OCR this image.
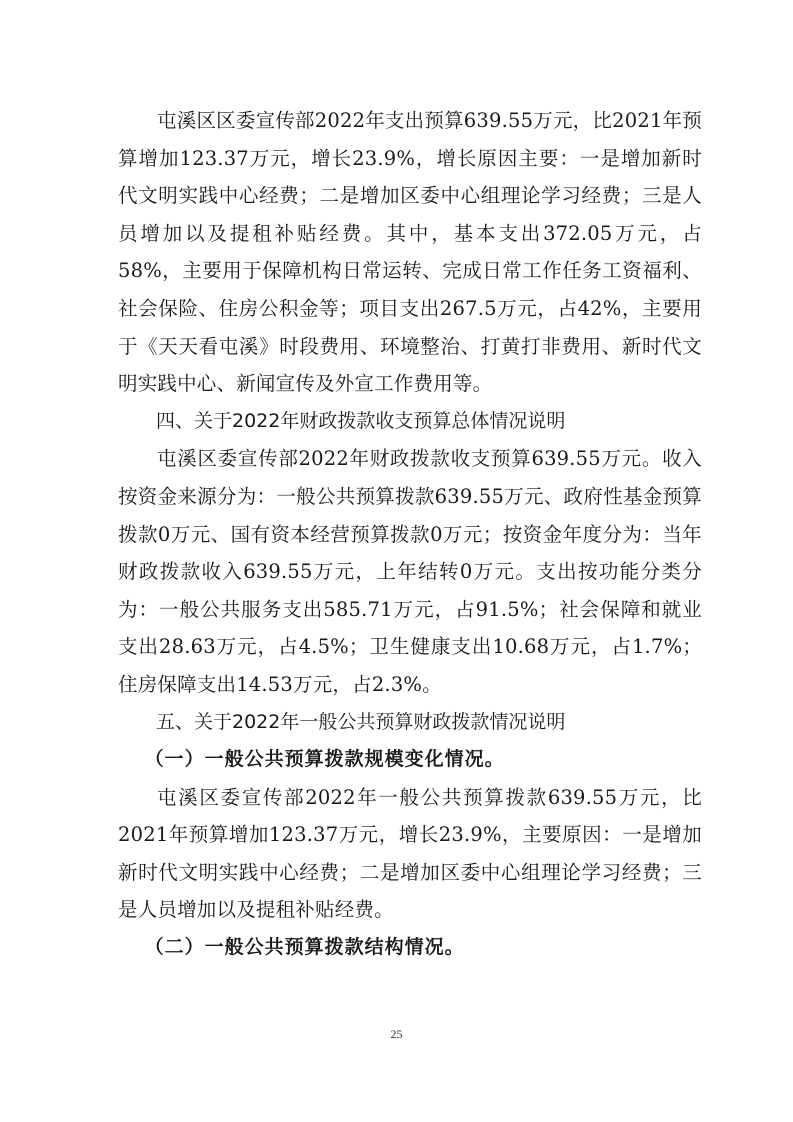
屯溪区区委宣传部2022年支出预算639.55万元，比2021年预算增加123.37万元，增长23.9%，增长原因主要：一是增加新时代文明实践中心经费；二是增加区委中心组理论学习经费；三是人员增加以及提租补贴经费。其中，基本支出372.05万元，占58%，主要用于保障机构日常运转、完成日常工作任务工资福利、社会保险、住房公积金等；项目支出267.5万元，占42%，主要用于《天天看屯溪》时段费用、环境整治、打黄打非费用、新时代文明实践中心、新闻宣传及外宣工作费用等。

四、关于2022年财政拨款收支预算总体情况说明

屯溪区委宣传部2022年财政拨款收支预算639.55万元。收入按资金来源分为：一般公共预算拨款639.55万元、政府性基金预算拨款0万元、国有资本经营预算拨款0万元；按资金年度分为：当年财政拨款收入639.55万元，上年结转0万元。支出按功能分类分为：一般公共服务支出585.71万元，占91.5%；社会保障和就业支出28.63万元，占4.5%；卫生健康支出10.68万元，占1.7%；住房保障支出14.53万元，占2.3%。

五、关于2022年一般公共预算财政拨款情况说明
（一）一般公共预算拨款规模变化情况。

屯溪区委宣传部2022年一般公共预算拨款639.55万元，比2021年预算增加123.37万元，增长23.9%，主要原因：一是增加新时代文明实践中心经费；二是增加区委中心组理论学习经费；三是人员增加以及提租补贴经费。

（二）一般公共预算拨款结构情况。
25
